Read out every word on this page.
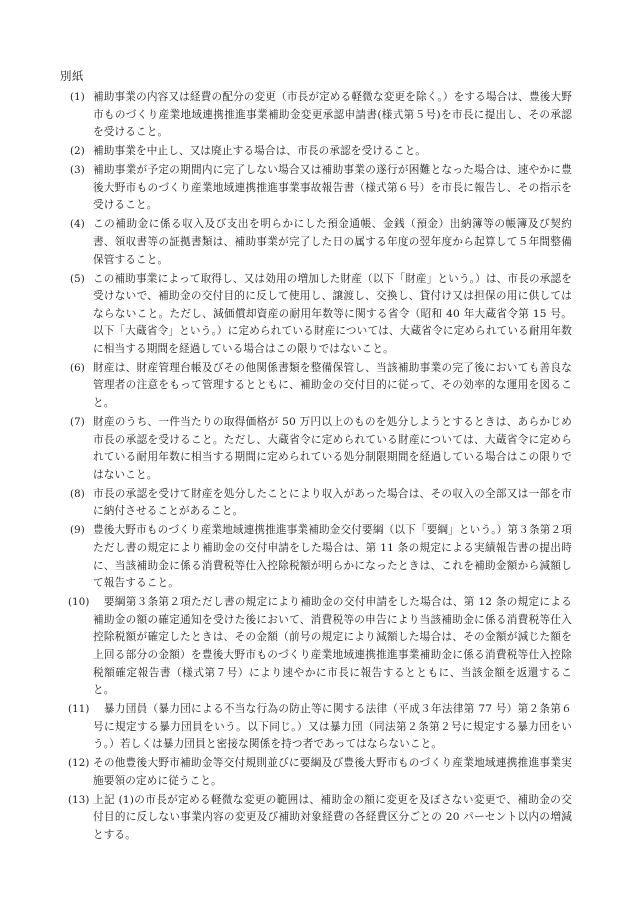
別紙
(1) 補助事業の内容又は経費の配分の変更（市長が定める軽微な変更を除く。）をする場合は、豊後大野市ものづくり産業地域連携推進事業補助金変更承認申請書(様式第５号)を市長に提出し、その承認を受けること。
(2) 補助事業を中止し、又は廃止する場合は、市長の承認を受けること。
(3) 補助事業が予定の期間内に完了しない場合又は補助事業の遂行が困難となった場合は、速やかに豊後大野市ものづくり産業地域連携推進事業事故報告書（様式第６号）を市長に報告し、その指示を受けること。
(4) この補助金に係る収入及び支出を明らかにした預金通帳、金銭（預金）出納簿等の帳簿及び契約書、領収書等の証拠書類は、補助事業が完了した日の属する年度の翌年度から起算して５年間整備保管すること。
(5) この補助事業によって取得し、又は効用の増加した財産（以下「財産」という。）は、市長の承認を受けないで、補助金の交付目的に反して使用し、譲渡し、交換し、貸付け又は担保の用に供してはならないこと。ただし、減価償却資産の耐用年数等に関する省令（昭和 40 年大蔵省令第 15 号。以下「大蔵省令」という。）に定められている財産については、大蔵省令に定められている耐用年数に相当する期間を経過している場合はこの限りではないこと。
(6) 財産は、財産管理台帳及びその他関係書類を整備保管し、当該補助事業の完了後においても善良な管理者の注意をもって管理するとともに、補助金の交付目的に従って、その効率的な運用を図ること。
(7) 財産のうち、一件当たりの取得価格が 50 万円以上のものを処分しようとするときは、あらかじめ市長の承認を受けること。ただし、大蔵省令に定められている財産については、大蔵省令に定められている耐用年数に相当する期間に定められている処分制限期間を経過している場合はこの限りではないこと。
(8) 市長の承認を受けて財産を処分したことにより収入があった場合は、その収入の全部又は一部を市に納付させることがあること。
(9) 豊後大野市ものづくり産業地域連携推進事業補助金交付要綱（以下「要綱」という。）第３条第２項ただし書の規定により補助金の交付申請をした場合は、第 11 条の規定による実績報告書の提出時に、当該補助金に係る消費税等仕入控除税額が明らかになったときは、これを補助金額から減額して報告すること。
(10) 　要綱第３条第２項ただし書の規定により補助金の交付申請をした場合は、第 12 条の規定による補助金の額の確定通知を受けた後において、消費税等の申告により当該補助金に係る消費税等仕入控除税額が確定したときは、その金額（前号の規定により減額した場合は、その金額が減じた額を上回る部分の金額）を豊後大野市ものづくり産業地域連携推進事業補助金に係る消費税等仕入控除税額確定報告書（様式第７号）により速やかに市長に報告するとともに、当該金額を返還すること。
(11) 　暴力団員（暴力団による不当な行為の防止等に関する法律（平成３年法律第 77 号）第２条第６号に規定する暴力団員をいう。以下同じ。）又は暴力団（同法第２条第２号に規定する暴力団をいう。）若しくは暴力団員と密接な関係を持つ者であってはならないこと。
(12) その他豊後大野市補助金等交付規則並びに要綱及び豊後大野市ものづくり産業地域連携推進事業実施要領の定めに従うこと。
(13) 上記 (1)の市長が定める軽微な変更の範囲は、補助金の額に変更を及ぼさない変更で、補助金の交付目的に反しない事業内容の変更及び補助対象経費の各経費区分ごとの 20 パーセント以内の増減とする。
